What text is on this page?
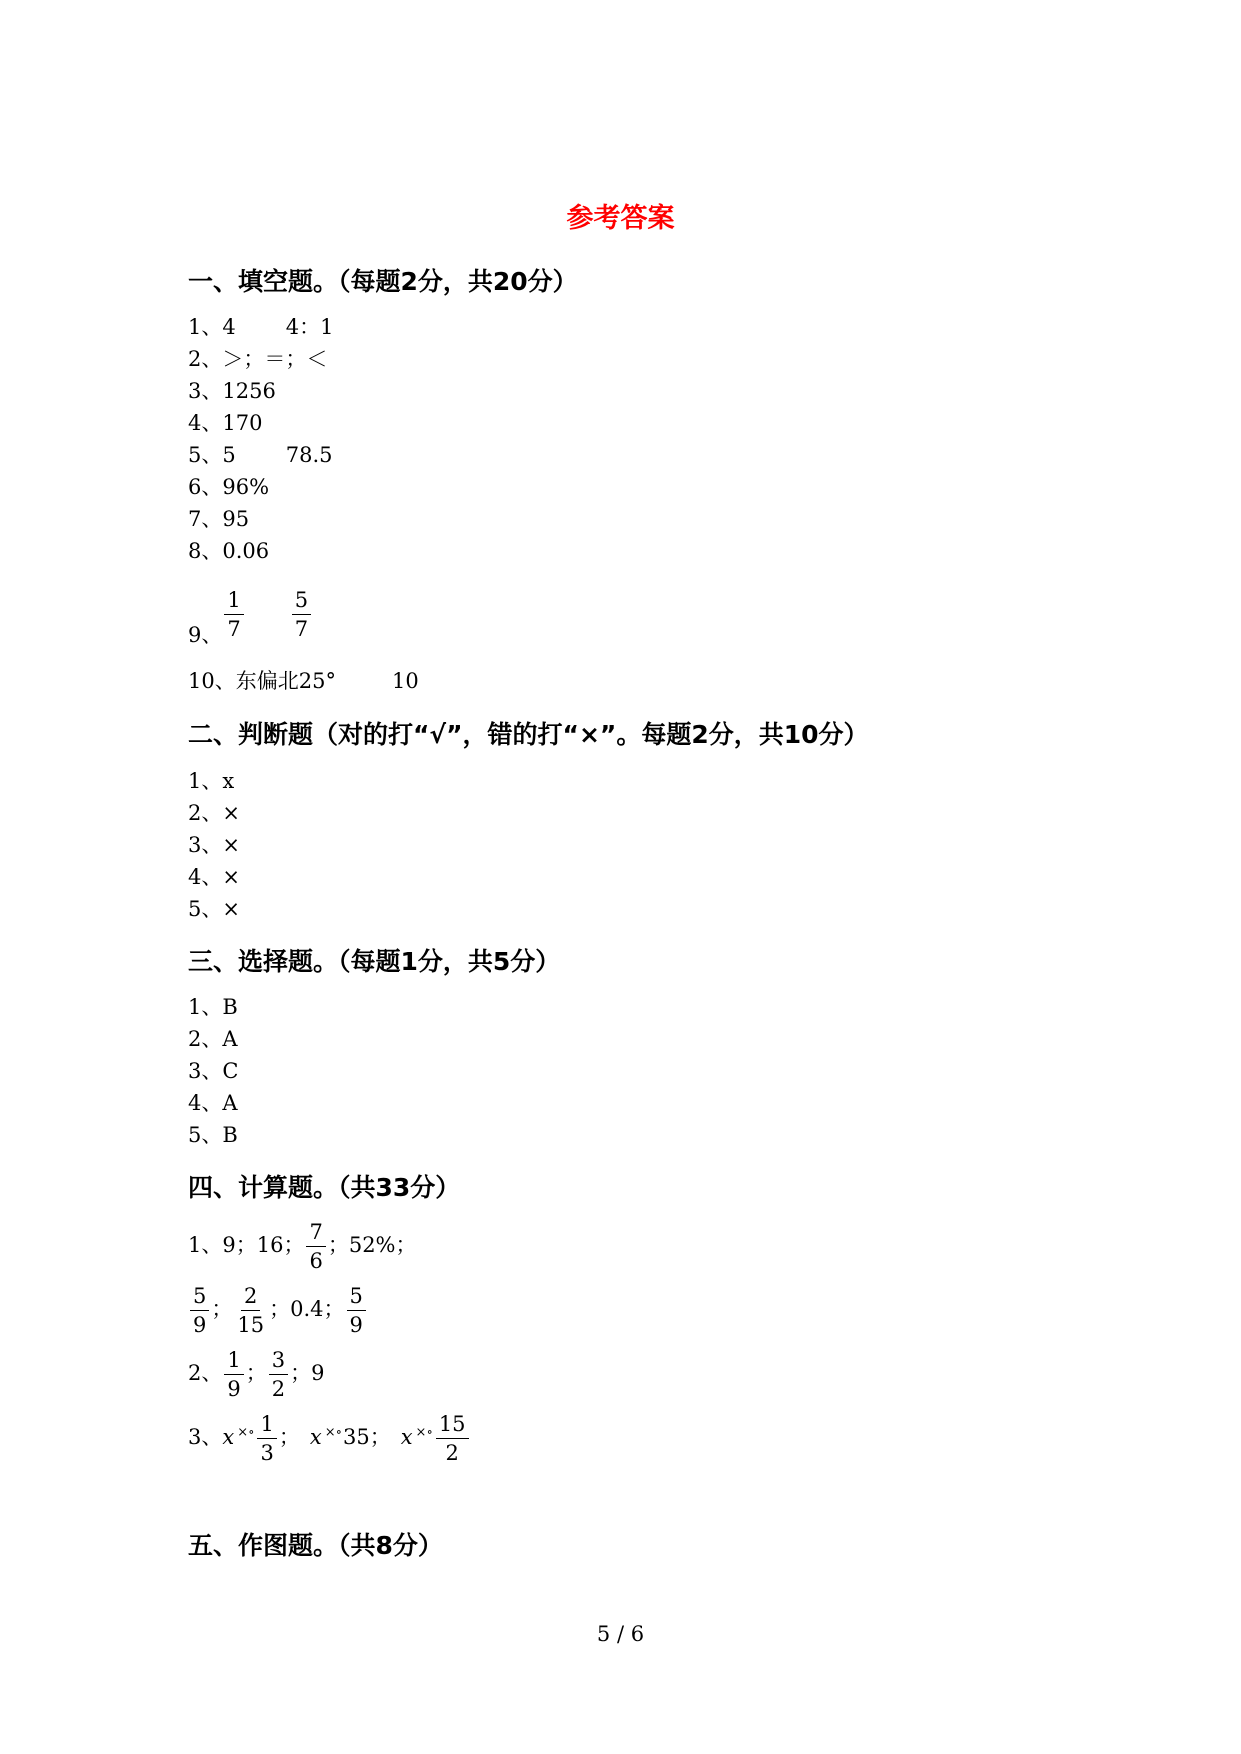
参考答案
一、填空题。（每题2分，共20分）
1、4 4：1
2、＞；＝；＜
3、1256
4、170
5、5 78.5
6、96%
7、95
8、0.06
9、 $\frac{1}{7} \frac{5}{7}$
10、东偏北25°	10
二、判断题（对的打“√”，错的打“×”。每题2分，共10分）
1、x
2、×
3、×
4、×
5、×
三、选择题。（每题1分，共5分）
1、B
2、A
3、C
4、A
5、B
四、计算题。（共33分）
1、9；16； $\frac{7}{6}$ ；52%；
$\frac{5}{9}$ ； $\frac{2}{15}$ ；0.4； $\frac{5}{9}$
2、 $\frac{1}{9}$ ； $\frac{3}{2}$ ；9
3、x $^{\times\circ} \frac{1}{3}$ ； x ×∘35； x $^{\times\circ} \frac{15}{2}$
五、作图题。（共8分）
5 / 6
